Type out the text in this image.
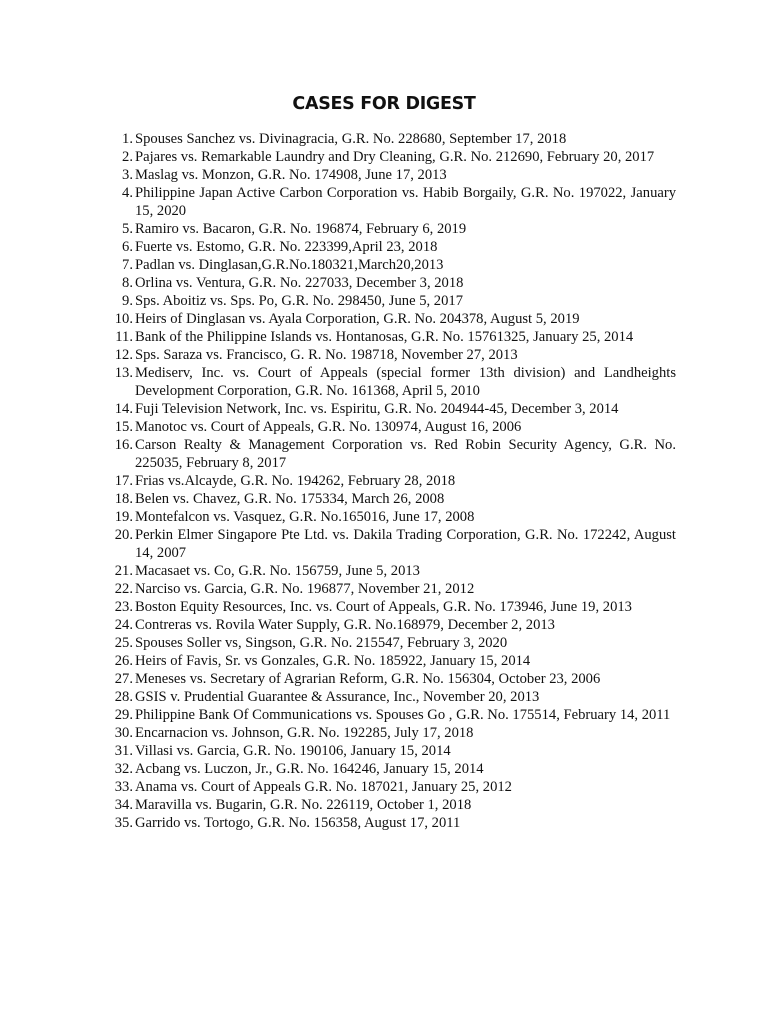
CASES FOR DIGEST
1. Spouses Sanchez vs. Divinagracia, G.R. No. 228680, September 17, 2018
2. Pajares vs. Remarkable Laundry and Dry Cleaning, G.R. No. 212690, February 20, 2017
3. Maslag vs. Monzon, G.R. No. 174908, June 17, 2013
4. Philippine Japan Active Carbon Corporation vs. Habib Borgaily, G.R. No. 197022, January 15, 2020
5. Ramiro vs. Bacaron, G.R. No. 196874, February 6, 2019
6. Fuerte vs. Estomo, G.R. No. 223399,April 23, 2018
7. Padlan vs. Dinglasan,G.R.No.180321,March20,2013
8. Orlina vs. Ventura, G.R. No. 227033, December 3, 2018
9. Sps. Aboitiz vs. Sps. Po, G.R. No. 298450, June 5, 2017
10. Heirs of Dinglasan vs. Ayala Corporation, G.R. No. 204378, August 5, 2019
11. Bank of the Philippine Islands vs. Hontanosas, G.R. No. 15761325, January 25, 2014
12. Sps. Saraza vs. Francisco, G. R. No. 198718, November 27, 2013
13. Mediserv, Inc. vs. Court of Appeals (special former 13th division) and Landheights Development Corporation, G.R. No. 161368, April 5, 2010
14. Fuji Television Network, Inc. vs. Espiritu, G.R. No. 204944-45, December 3, 2014
15. Manotoc vs. Court of Appeals, G.R. No. 130974, August 16, 2006
16. Carson Realty & Management Corporation vs. Red Robin Security Agency, G.R. No. 225035, February 8, 2017
17. Frias vs.Alcayde, G.R. No. 194262, February 28, 2018
18. Belen vs. Chavez, G.R. No. 175334, March 26, 2008
19. Montefalcon vs. Vasquez, G.R. No.165016, June 17, 2008
20. Perkin Elmer Singapore Pte Ltd. vs. Dakila Trading Corporation, G.R. No. 172242, August 14, 2007
21. Macasaet vs. Co, G.R. No. 156759, June 5, 2013
22. Narciso vs. Garcia, G.R. No. 196877, November 21, 2012
23. Boston Equity Resources, Inc. vs. Court of Appeals, G.R. No. 173946, June 19, 2013
24. Contreras vs. Rovila Water Supply, G.R. No.168979, December 2, 2013
25. Spouses Soller vs, Singson, G.R. No. 215547, February 3, 2020
26. Heirs of Favis, Sr. vs Gonzales, G.R. No. 185922, January 15, 2014
27. Meneses vs. Secretary of Agrarian Reform, G.R. No. 156304, October 23, 2006
28. GSIS v. Prudential Guarantee & Assurance, Inc., November 20, 2013
29. Philippine Bank Of Communications vs. Spouses Go , G.R. No. 175514, February 14, 2011
30. Encarnacion vs. Johnson, G.R. No. 192285, July 17, 2018
31. Villasi vs. Garcia, G.R. No. 190106, January 15, 2014
32. Acbang vs. Luczon, Jr., G.R. No. 164246, January 15, 2014
33. Anama vs. Court of Appeals G.R. No. 187021, January 25, 2012
34. Maravilla vs. Bugarin, G.R. No. 226119, October 1, 2018
35. Garrido vs. Tortogo, G.R. No. 156358, August 17, 2011
